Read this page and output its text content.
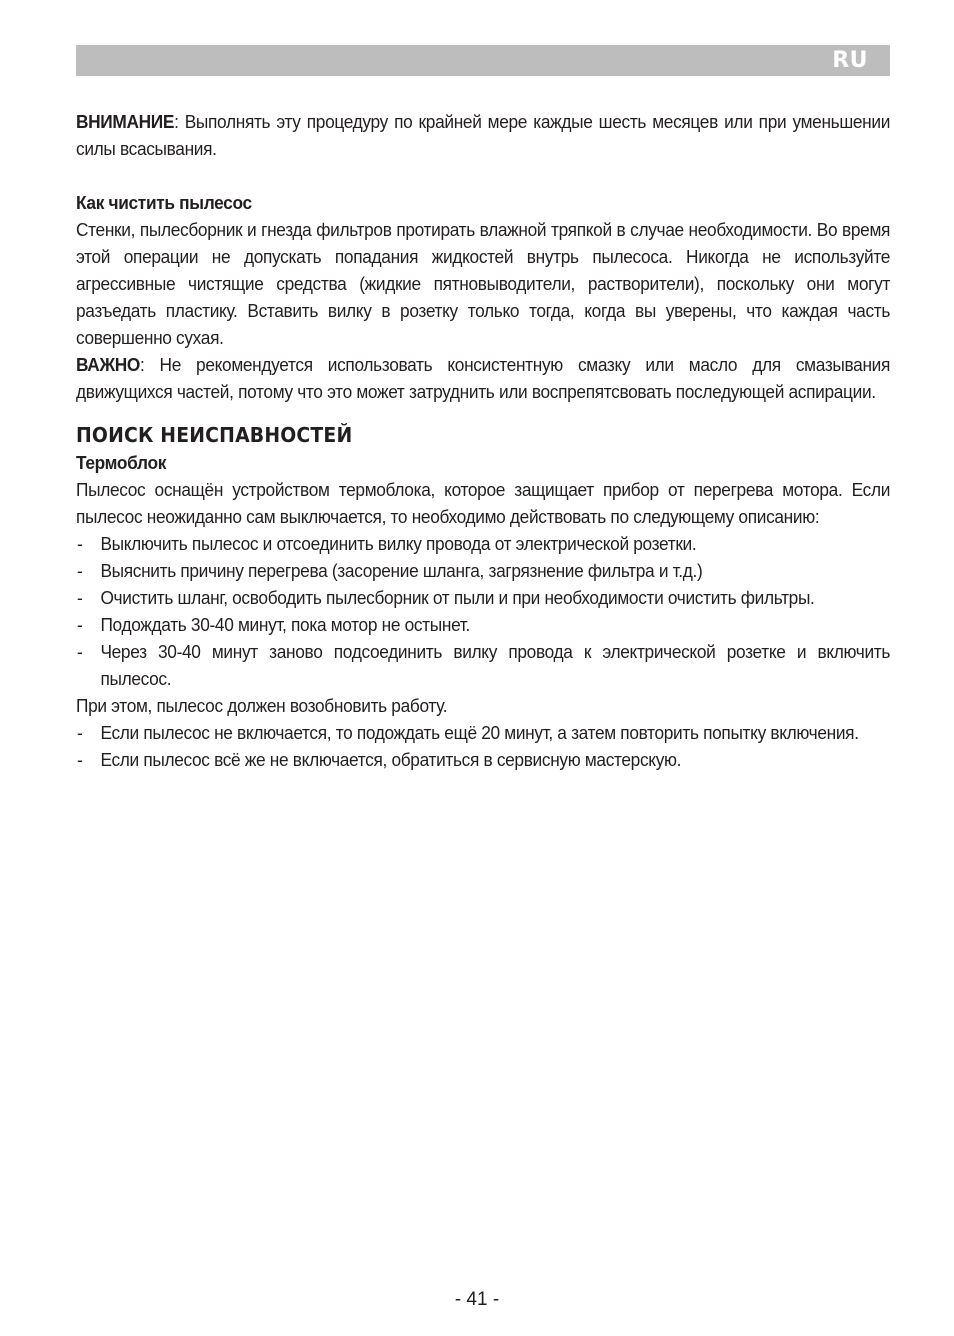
RU

ВНИМАНИЕ: Выполнять эту процедуру по крайней мере каждые шесть месяцев или при уменьшении силы всасывания.

Как чистить пылесос

Стенки, пылесборник и гнезда фильтров протирать влажной тряпкой в случае необходимости. Во время этой операции не допускать попадания жидкостей внутрь пылесоса. Никогда не используйте агрессивные чистящие средства (жидкие пятновыводители, растворители), поскольку они могут разъедать пластику. Вставить вилку в розетку только тогда, когда вы уверены, что каждая часть совершенно сухая.

ВАЖНО: Не рекомендуется использовать консистентную смазку или масло для смазывания движущихся частей, потому что это может затруднить или воспрепятсвовать последующей аспирации.

ПОИСК НЕИСПАВНОСТЕЙ

Термоблок

Пылесос оснащён устройством термоблока, которое защищает прибор от перегрева мотора. Если пылесос неожиданно сам выключается, то необходимо действовать по следующему описанию:

- Выключить пылесос и отсоединить вилку провода от электрической розетки.
- Выяснить причину перегрева (засорение шланга, загрязнение фильтра и т.д.)
- Очистить шланг, освободить пылесборник от пыли и при необходимости очистить фильтры.
- Подождать 30-40 минут, пока мотор не остынет.
- Через 30-40 минут заново подсоединить вилку провода к электрической розетке и включить пылесос.

При этом, пылесос должен возобновить работу.

- Если пылесос не включается, то подождать ещё 20 минут, а затем повторить попытку включения.
- Если пылесос всё же не включается, обратиться в сервисную мастерскую.
- 41 -
